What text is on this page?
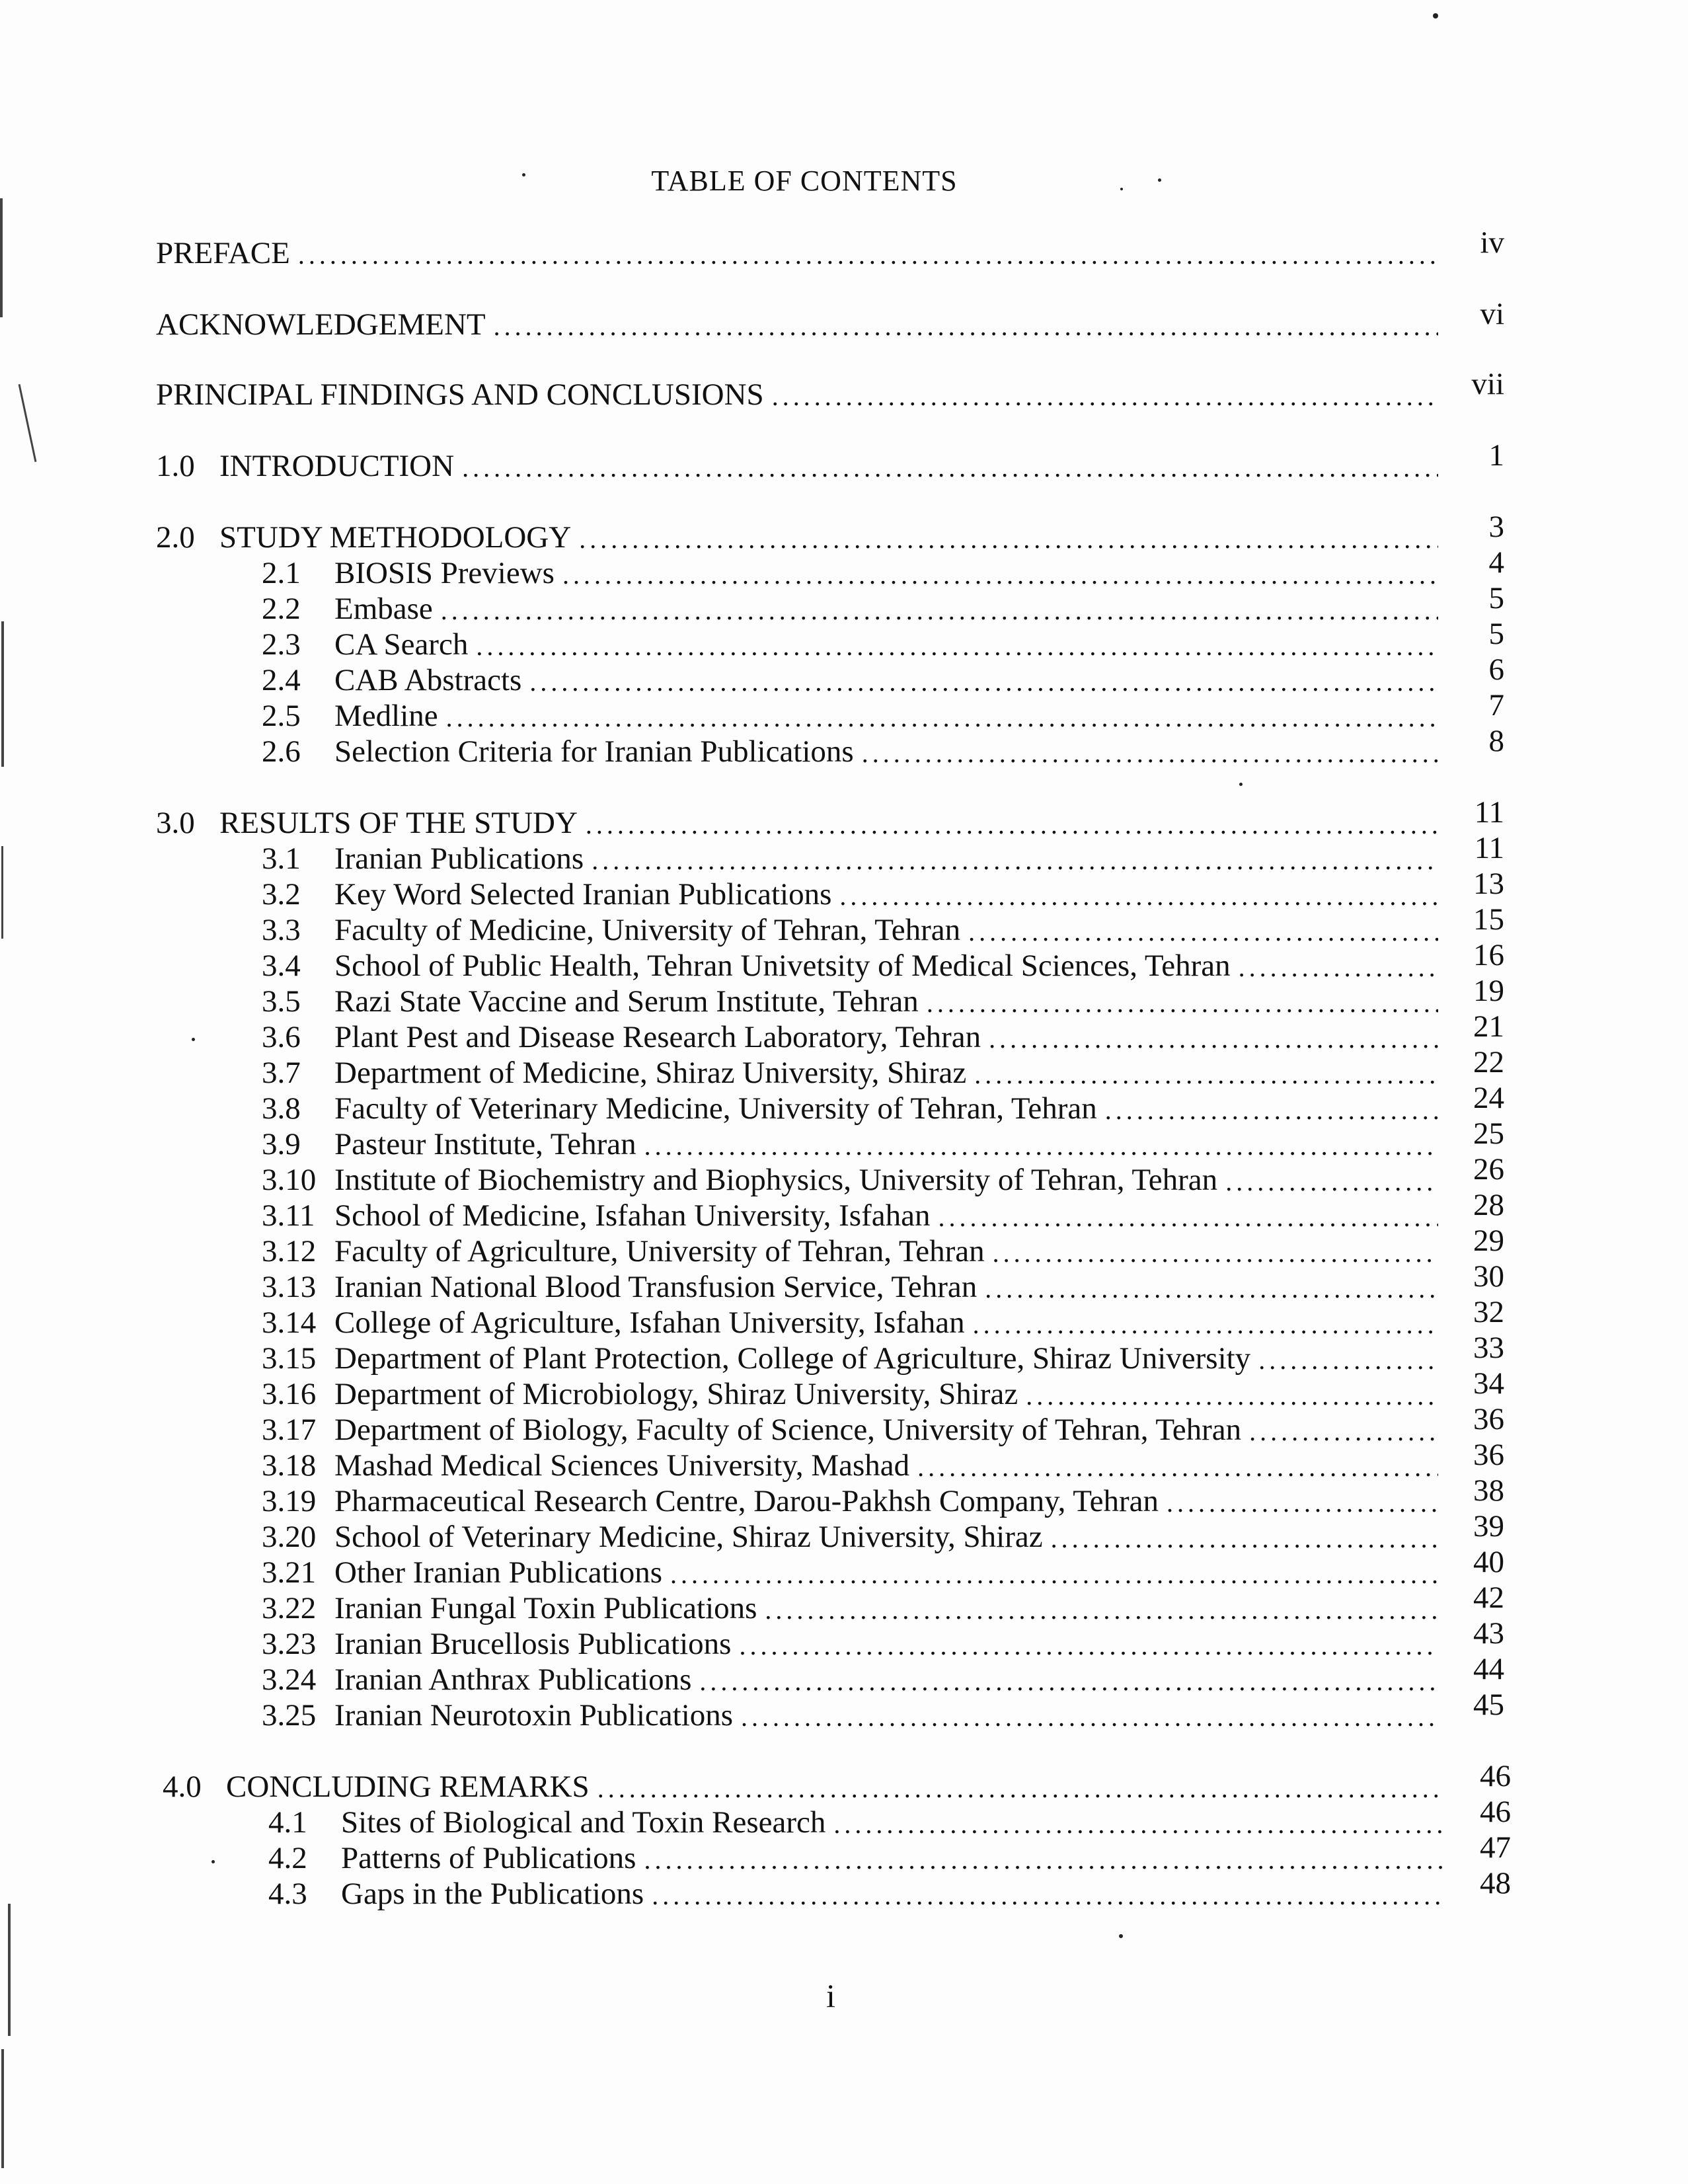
TABLE OF CONTENTS
PREFACE .....	iv
ACKNOWLEDGEMENT .....	vi
PRINCIPAL FINDINGS AND CONCLUSIONS .....	vii
1.0 INTRODUCTION .....	1
2.0 STUDY METHODOLOGY .....	3
2.1	BIOSIS Previews .....	4
2.2	Embase .....	5
2.3	CA Search .....	5
2.4	CAB Abstracts .....	6
2.5	Medline .....	7
2.6	Selection Criteria for Iranian Publications .....	8
3.0 RESULTS OF THE STUDY .....	11
3.1	Iranian Publications .....	11
3.2	Key Word Selected Iranian Publications .....	13
3.3	Faculty of Medicine, University of Tehran, Tehran .....	15
3.4	School of Public Health, Tehran Univetsity of Medical Sciences, Tehran .....	16
3.5	Razi State Vaccine and Serum Institute, Tehran .....	19
3.6	Plant Pest and Disease Research Laboratory, Tehran .....	21
3.7	Department of Medicine, Shiraz University, Shiraz .....	22
3.8	Faculty of Veterinary Medicine, University of Tehran, Tehran .....	24
3.9	Pasteur Institute, Tehran .....	25
3.10 Institute of Biochemistry and Biophysics, University of Tehran, Tehran .....	26
3.11 School of Medicine, Isfahan University, Isfahan .....	28
3.12 Faculty of Agriculture, University of Tehran, Tehran .....	29
3.13 Iranian National Blood Transfusion Service, Tehran .....	30
3.14 College of Agriculture, Isfahan University, Isfahan .....	32
3.15 Department of Plant Protection, College of Agriculture, Shiraz University .....	33
3.16 Department of Microbiology, Shiraz University, Shiraz .....	34
3.17 Department of Biology, Faculty of Science, University of Tehran, Tehran .....	36
3.18 Mashad Medical Sciences University, Mashad .....	36
3.19 Pharmaceutical Research Centre, Darou-Pakhsh Company, Tehran .....	38
3.20 School of Veterinary Medicine, Shiraz University, Shiraz .....	39
3.21 Other Iranian Publications .....	40
3.22 Iranian Fungal Toxin Publications .....	42
3.23 Iranian Brucellosis Publications .....	43
3.24 Iranian Anthrax Publications .....	44
3.25 Iranian Neurotoxin Publications .....	45
4.0 CONCLUDING REMARKS .....	46
4.1	Sites of Biological and Toxin Research .....	46
4.2	Patterns of Publications .....	47
4.3	Gaps in the Publications .....	48
i
